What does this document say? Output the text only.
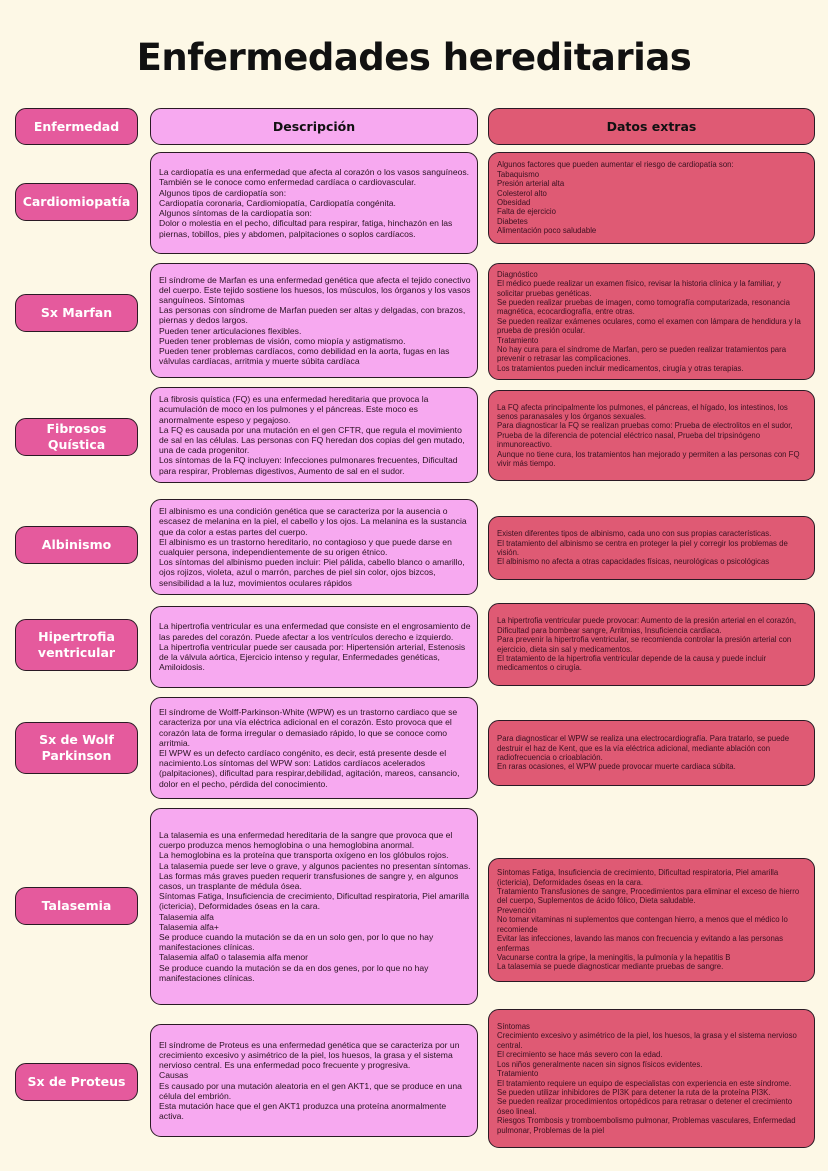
Enfermedades hereditarias
Enfermedad	Descripción	Datos extras
Cardiomiopatía
La cardiopatía es una enfermedad que afecta al corazón o los vasos sanguíneos. También se le conoce como enfermedad cardíaca o cardiovascular.
Algunos tipos de cardiopatía son:
Cardiopatía coronaria, Cardiomiopatía, Cardiopatía congénita.
Algunos síntomas de la cardiopatía son:
Dolor o molestia en el pecho, dificultad para respirar, fatiga, hinchazón en las piernas, tobillos, pies y abdomen, palpitaciones o soplos cardíacos.
Algunos factores que pueden aumentar el riesgo de cardiopatía son:
Tabaquismo
Presión arterial alta
Colesterol alto
Obesidad
Falta de ejercicio
Diabetes
Alimentación poco saludable
Sx Marfan
El síndrome de Marfan es una enfermedad genética que afecta el tejido conectivo del cuerpo. Este tejido sostiene los huesos, los músculos, los órganos y los vasos sanguíneos. Síntomas
Las personas con síndrome de Marfan pueden ser altas y delgadas, con brazos, piernas y dedos largos.
Pueden tener articulaciones flexibles.
Pueden tener problemas de visión, como miopía y astigmatismo.
Pueden tener problemas cardíacos, como debilidad en la aorta, fugas en las válvulas cardíacas, arritmia y muerte súbita cardíaca
Diagnóstico
El médico puede realizar un examen físico, revisar la historia clínica y la familiar, y solicitar pruebas genéticas.
Se pueden realizar pruebas de imagen, como tomografía computarizada, resonancia magnética, ecocardiografía, entre otras.
Se pueden realizar exámenes oculares, como el examen con lámpara de hendidura y la prueba de presión ocular.
Tratamiento
No hay cura para el síndrome de Marfan, pero se pueden realizar tratamientos para prevenir o retrasar las complicaciones.
Los tratamientos pueden incluir medicamentos, cirugía y otras terapias.
Fibrosos Quística
La fibrosis quística (FQ) es una enfermedad hereditaria que provoca la acumulación de moco en los pulmones y el páncreas. Este moco es anormalmente espeso y pegajoso.
La FQ es causada por una mutación en el gen CFTR, que regula el movimiento de sal en las células. Las personas con FQ heredan dos copias del gen mutado, una de cada progenitor.
Los síntomas de la FQ incluyen: Infecciones pulmonares frecuentes, Dificultad para respirar, Problemas digestivos, Aumento de sal en el sudor.
La FQ afecta principalmente los pulmones, el páncreas, el hígado, los intestinos, los senos paranasales y los órganos sexuales.
Para diagnosticar la FQ se realizan pruebas como: Prueba de electrolitos en el sudor, Prueba de la diferencia de potencial eléctrico nasal, Prueba del tripsinógeno inmunoreactivo.
Aunque no tiene cura, los tratamientos han mejorado y permiten a las personas con FQ vivir más tiempo.
Albinismo
El albinismo es una condición genética que se caracteriza por la ausencia o escasez de melanina en la piel, el cabello y los ojos. La melanina es la sustancia que da color a estas partes del cuerpo.
El albinismo es un trastorno hereditario, no contagioso y que puede darse en cualquier persona, independientemente de su origen étnico.
Los síntomas del albinismo pueden incluir: Piel pálida, cabello blanco o amarillo, ojos rojizos, violeta, azul o marrón, parches de piel sin color, ojos bizcos, sensibilidad a la luz, movimientos oculares rápidos
Existen diferentes tipos de albinismo, cada uno con sus propias características.
El tratamiento del albinismo se centra en proteger la piel y corregir los problemas de visión.
El albinismo no afecta a otras capacidades físicas, neurológicas o psicológicas
Hipertrofia ventricular
La hipertrofia ventricular es una enfermedad que consiste en el engrosamiento de las paredes del corazón. Puede afectar a los ventrículos derecho e izquierdo.
La hipertrofia ventricular puede ser causada por: Hipertensión arterial, Estenosis de la válvula aórtica, Ejercicio intenso y regular, Enfermedades genéticas, Amiloidosis.
La hipertrofia ventricular puede provocar: Aumento de la presión arterial en el corazón, Dificultad para bombear sangre, Arritmias, Insuficiencia cardiaca.
Para prevenir la hipertrofia ventricular, se recomienda controlar la presión arterial con ejercicio, dieta sin sal y medicamentos.
El tratamiento de la hipertrofia ventricular depende de la causa y puede incluir medicamentos o cirugía.
Sx de Wolf Parkinson
El síndrome de Wolff-Parkinson-White (WPW) es un trastorno cardiaco que se caracteriza por una vía eléctrica adicional en el corazón. Esto provoca que el corazón lata de forma irregular o demasiado rápido, lo que se conoce como arritmia.
El WPW es un defecto cardíaco congénito, es decir, está presente desde el nacimiento.Los síntomas del WPW son: Latidos cardíacos acelerados (palpitaciones), dificultad para respirar,debilidad, agitación, mareos, cansancio, dolor en el pecho, pérdida del conocimiento.
Para diagnosticar el WPW se realiza una electrocardiografía. Para tratarlo, se puede destruir el haz de Kent, que es la vía eléctrica adicional, mediante ablación con radiofrecuencia o crioablación.
En raras ocasiones, el WPW puede provocar muerte cardiaca súbita.
Talasemia
La talasemia es una enfermedad hereditaria de la sangre que provoca que el cuerpo produzca menos hemoglobina o una hemoglobina anormal.
La hemoglobina es la proteína que transporta oxígeno en los glóbulos rojos.
La talasemia puede ser leve o grave, y algunos pacientes no presentan síntomas. Las formas más graves pueden requerir transfusiones de sangre y, en algunos casos, un trasplante de médula ósea.
Síntomas Fatiga, Insuficiencia de crecimiento, Dificultad respiratoria, Piel amarilla (ictericia), Deformidades óseas en la cara.
Talasemia alfa
Talasemia alfa+
Se produce cuando la mutación se da en un solo gen, por lo que no hay manifestaciones clínicas.
Talasemia alfa0 o talasemia alfa menor
Se produce cuando la mutación se da en dos genes, por lo que no hay manifestaciones clínicas.
Síntomas Fatiga, Insuficiencia de crecimiento, Dificultad respiratoria, Piel amarilla (ictericia), Deformidades óseas en la cara.
Tratamiento Transfusiones de sangre, Procedimientos para eliminar el exceso de hierro del cuerpo, Suplementos de ácido fólico, Dieta saludable.
Prevención
No tomar vitaminas ni suplementos que contengan hierro, a menos que el médico lo recomiende
Evitar las infecciones, lavando las manos con frecuencia y evitando a las personas enfermas
Vacunarse contra la gripe, la meningitis, la pulmonía y la hepatitis B
La talasemia se puede diagnosticar mediante pruebas de sangre.
Sx de Proteus
El síndrome de Proteus es una enfermedad genética que se caracteriza por un crecimiento excesivo y asimétrico de la piel, los huesos, la grasa y el sistema nervioso central. Es una enfermedad poco frecuente y progresiva.
Causas
Es causado por una mutación aleatoria en el gen AKT1, que se produce en una célula del embrión.
Esta mutación hace que el gen AKT1 produzca una proteína anormalmente activa.
Síntomas
Crecimiento excesivo y asimétrico de la piel, los huesos, la grasa y el sistema nervioso central.
El crecimiento se hace más severo con la edad.
Los niños generalmente nacen sin signos físicos evidentes.
Tratamiento
El tratamiento requiere un equipo de especialistas con experiencia en este síndrome.
Se pueden utilizar inhibidores de PI3K para detener la ruta de la proteína PI3K.
Se pueden realizar procedimientos ortopédicos para retrasar o detener el crecimiento óseo lineal.
Riesgos Trombosis y tromboembolismo pulmonar, Problemas vasculares, Enfermedad pulmonar, Problemas de la piel
